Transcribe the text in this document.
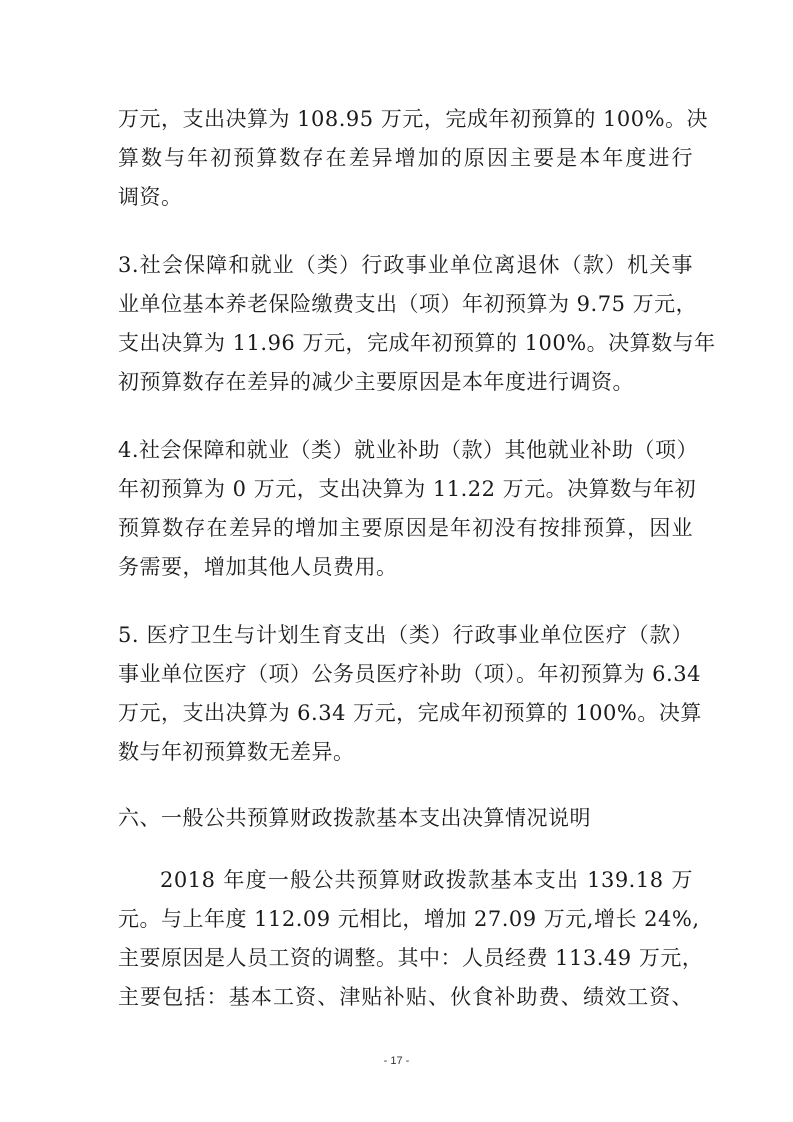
万元，支出决算为 108.95 万元，完成年初预算的 100%。决
算数与年初预算数存在差异增加的原因主要是本年度进行
调资。
3.社会保障和就业（类）行政事业单位离退休（款）机关事
业单位基本养老保险缴费支出（项）年初预算为 9.75 万元，
支出决算为 11.96 万元，完成年初预算的 100%。决算数与年
初预算数存在差异的减少主要原因是本年度进行调资。
4.社会保障和就业（类）就业补助（款）其他就业补助（项）
年初预算为 0 万元，支出决算为 11.22 万元。决算数与年初
预算数存在差异的增加主要原因是年初没有按排预算，因业
务需要，增加其他人员费用。
5. 医疗卫生与计划生育支出（类）行政事业单位医疗（款）
事业单位医疗（项）公务员医疗补助（项）。年初预算为 6.34
万元，支出决算为 6.34 万元，完成年初预算的 100%。决算
数与年初预算数无差异。
六、一般公共预算财政拨款基本支出决算情况说明
2018 年度一般公共预算财政拨款基本支出 139.18 万
元。与上年度 112.09 元相比，增加 27.09 万元,增长 24%,
主要原因是人员工资的调整。其中：人员经费 113.49 万元，
主要包括：基本工资、津贴补贴、伙食补助费、绩效工资、
- 17 -
